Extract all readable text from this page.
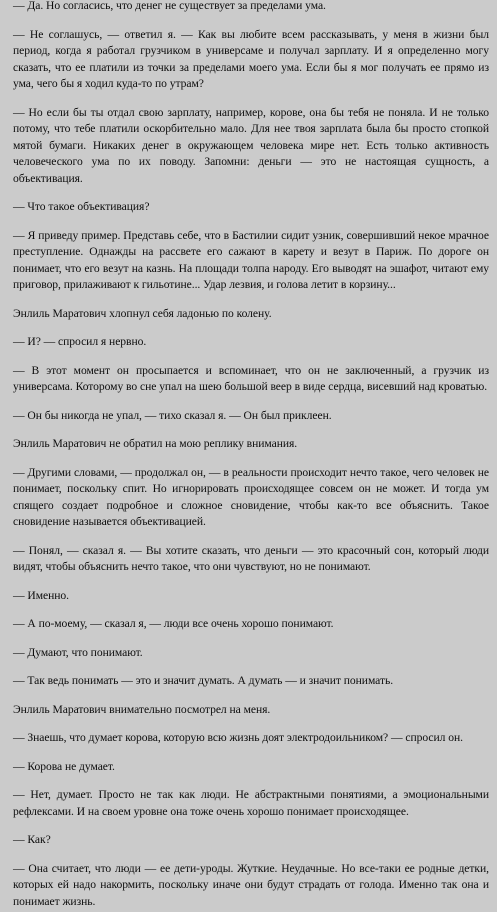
— Да. Но согласись, что денег не существует за пределами ума.

— Не соглашусь, — ответил я. — Как вы любите всем рассказывать, у меня в жизни был период, когда я работал грузчиком в универсаме и получал зарплату. И я определенно могу сказать, что ее платили из точки за пределами моего ума. Если бы я мог получать ее прямо из ума, чего бы я ходил куда-то по утрам?

— Но если бы ты отдал свою зарплату, например, корове, она бы тебя не поняла. И не только потому, что тебе платили оскорбительно мало. Для нее твоя зарплата была бы просто стопкой мятой бумаги. Никаких денег в окружающем человека мире нет. Есть только активность человеческого ума по их поводу. Запомни: деньги — это не настоящая сущность, а объективация.

— Что такое объективация?

— Я приведу пример. Представь себе, что в Бастилии сидит узник, совершивший некое мрачное преступление. Однажды на рассвете его сажают в карету и везут в Париж. По дороге он понимает, что его везут на казнь. На площади толпа народу. Его выводят на эшафот, читают ему приговор, прилаживают к гильотине... Удар лезвия, и голова летит в корзину...

Энлиль Маратович хлопнул себя ладонью по колену.

— И? — спросил я нервно.

— В этот момент он просыпается и вспоминает, что он не заключенный, а грузчик из универсама. Которому во сне упал на шею большой веер в виде сердца, висевший над кроватью.

— Он бы никогда не упал, — тихо сказал я. — Он был приклеен.

Энлиль Маратович не обратил на мою реплику внимания.

— Другими словами, — продолжал он, — в реальности происходит нечто такое, чего человек не понимает, поскольку спит. Но игнорировать происходящее совсем он не может. И тогда ум спящего создает подробное и сложное сновидение, чтобы как-то все объяснить. Такое сновидение называется объективацией.

— Понял, — сказал я. — Вы хотите сказать, что деньги — это красочный сон, который люди видят, чтобы объяснить нечто такое, что они чувствуют, но не понимают.

— Именно.

— А по-моему, — сказал я, — люди все очень хорошо понимают.

— Думают, что понимают.

— Так ведь понимать — это и значит думать. А думать — и значит понимать.

Энлиль Маратович внимательно посмотрел на меня.

— Знаешь, что думает корова, которую всю жизнь доят электродоильником? — спросил он.

— Корова не думает.

— Нет, думает. Просто не так как люди. Не абстрактными понятиями, а эмоциональными рефлексами. И на своем уровне она тоже очень хорошо понимает происходящее.

— Как?

— Она считает, что люди — ее дети-уроды. Жуткие. Неудачные. Но все-таки ее родные детки, которых ей надо накормить, поскольку иначе они будут страдать от голода. Именно так она и понимает жизнь.
